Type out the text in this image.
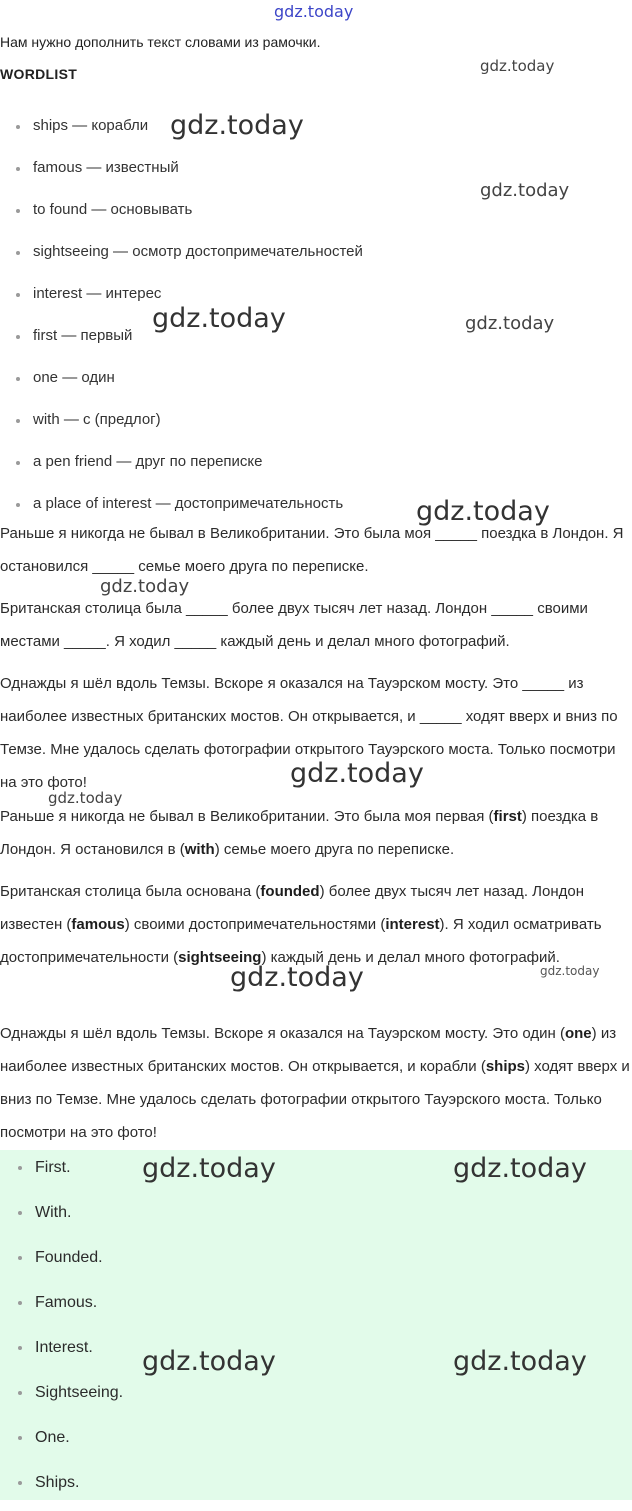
gdz.today
gdz.today
gdz.today
gdz.today
gdz.today	gdz.today
gdz.today
gdz.today
gdz.today
gdz.today
gdz.today
gdz.today
Нам нужно дополнить текст словами из рамочки.
WORDLIST
ships — корабли
famous — известный
to found — основывать
sightseeing — осмотр достопримечательностей
interest — интерес
first — первый
one — один
with — с (предлог)
a pen friend — друг по переписке
a place of interest — достопримечательность

Раньше я никогда не бывал в Великобритании. Это была моя _____ поездка в Лондон. Я остановился _____ семье моего друга по переписке.

Британская столица была _____ более двух тысяч лет назад. Лондон _____ своими местами _____. Я ходил _____ каждый день и делал много фотографий.

Однажды я шёл вдоль Темзы. Вскоре я оказался на Тауэрском мосту. Это _____ из наиболее известных британских мостов. Он открывается, и _____ ходят вверх и вниз по Темзе. Мне удалось сделать фотографии открытого Тауэрского моста. Только посмотри на это фото!

Раньше я никогда не бывал в Великобритании. Это была моя первая (first) поездка в Лондон. Я остановился в (with) семье моего друга по переписке.

Британская столица была основана (founded) более двух тысяч лет назад. Лондон известен (famous) своими достопримечательностями (interest). Я ходил осматривать достопримечательности (sightseeing) каждый день и делал много фотографий.

Однажды я шёл вдоль Темзы. Вскоре я оказался на Тауэрском мосту. Это один (one) из наиболее известных британских мостов. Он открывается, и корабли (ships) ходят вверх и вниз по Темзе. Мне удалось сделать фотографии открытого Тауэрского моста. Только посмотри на это фото!

First.
With.
Founded.
Famous.
Interest.
Sightseeing.
One.
Ships.
gdz.today	gdz.today
gdz.today	gdz.today
